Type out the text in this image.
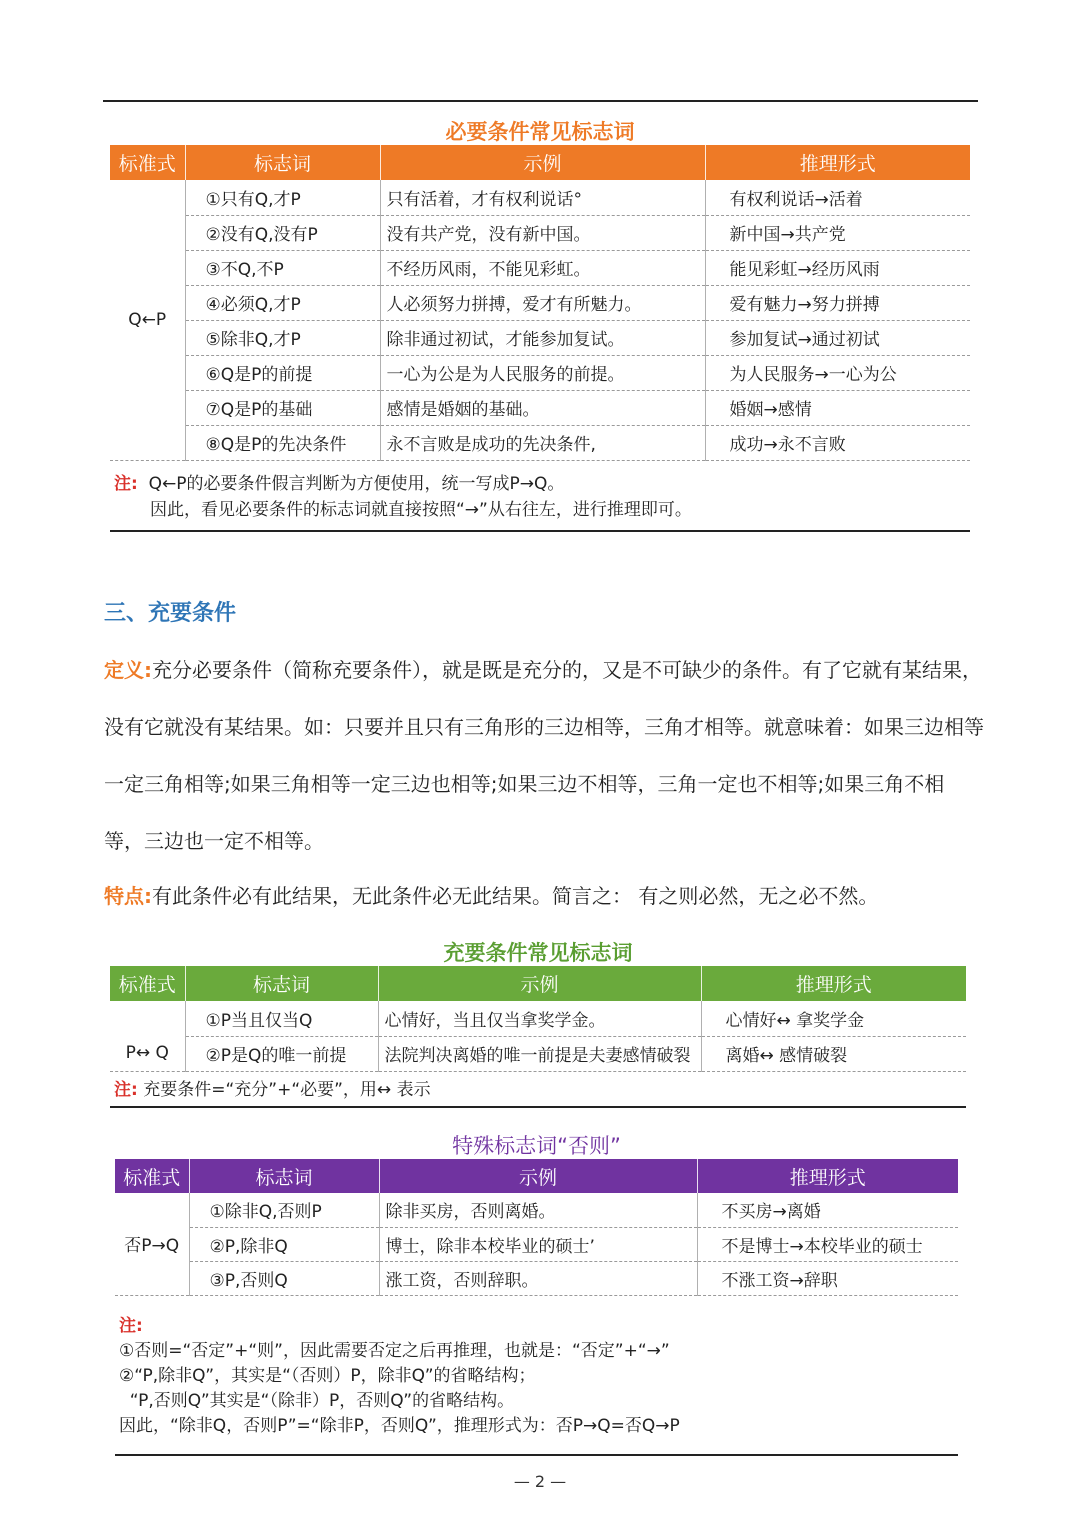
必要条件常见标志词
标准式	标志词	示例	推理形式
Q←P	①只有Q,才P	只有活着，才有权利说话°	有权利说话→活着
	②没有Q,没有P	没有共产党，没有新中国。	新中国→共产党
	③不Q,不P	不经历风雨，不能见彩虹。	能见彩虹→经历风雨
	④必须Q,才P	人必须努力拼搏，爱才有所魅力。	爱有魅力→努力拼搏
	⑤除非Q,才P	除非通过初试，才能参加复试。	参加复试→通过初试
	⑥Q是P的前提	一心为公是为人民服务的前提。	为人民服务→一心为公
	⑦Q是P的基础	感情是婚姻的基础。	婚姻→感情
	⑧Q是P的先决条件	永不言败是成功的先决条件,	成功→永不言败
注: Q←P的必要条件假言判断为方便使用，统一写成P→Q。
因此，看见必要条件的标志词就直接按照“→”从右往左，进行推理即可。
三、充要条件
定义:充分必要条件（简称充要条件），就是既是充分的，又是不可缺少的条件。有了它就有某结果，没有它就没有某结果。如：只要并且只有三角形的三边相等，三角才相等。就意味着：如果三边相等一定三角相等;如果三角相等一定三边也相等;如果三边不相等，三角一定也不相等;如果三角不相等，三边也一定不相等。
特点:有此条件必有此结果，无此条件必无此结果。简言之： 有之则必然，无之必不然。
充要条件常见标志词
标准式	标志词	示例	推理形式
P↔ Q	①P当且仅当Q	心情好，当且仅当拿奖学金。	心情好↔ 拿奖学金
	②P是Q的唯一前提	法院判决离婚的唯一前提是夫妻感情破裂	离婚↔ 感情破裂
注: 充要条件=“充分”+“必要”，用↔ 表示
特殊标志词“否则”
标准式	标志词	示例	推理形式
否P→Q	①除非Q,否则P	除非买房，否则离婚。	不买房→离婚
	②P,除非Q	博士，除非本校毕业的硕士’	不是博士→本校毕业的硕士
	③P,否则Q	涨工资，否则辞职。	不涨工资→辞职
注:
①否则=“否定”+“则”，因此需要否定之后再推理，也就是：“否定”+“→”
②“P,除非Q”，其实是“（否则）P，除非Q”的省略结构；
“P,否则Q”其实是“（除非）P，否则Q”的省略结构。
因此，“除非Q，否则P”=“除非P，否则Q”，推理形式为：否P→Q=否Q→P
— 2 —
